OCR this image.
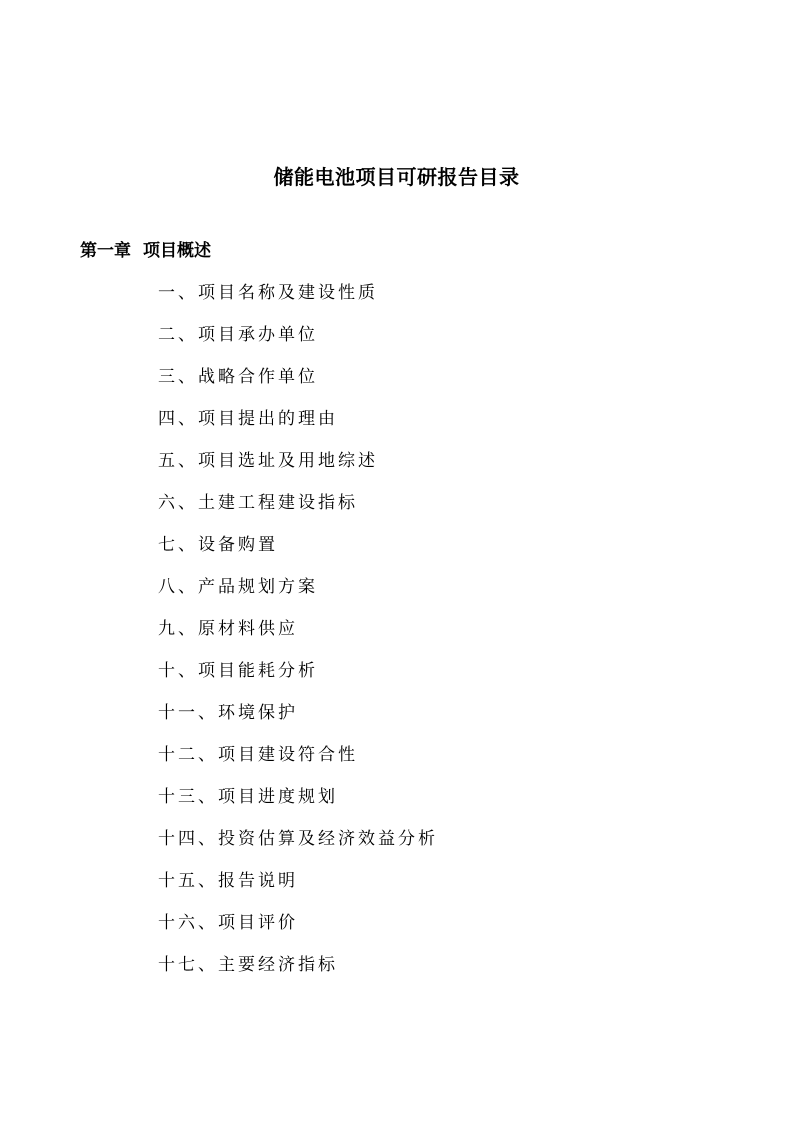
储能电池项目可研报告目录
第一章 项目概述
一、项目名称及建设性质
二、项目承办单位
三、战略合作单位
四、项目提出的理由
五、项目选址及用地综述
六、土建工程建设指标
七、设备购置
八、产品规划方案
九、原材料供应
十、项目能耗分析
十一、环境保护
十二、项目建设符合性
十三、项目进度规划
十四、投资估算及经济效益分析
十五、报告说明
十六、项目评价
十七、主要经济指标
